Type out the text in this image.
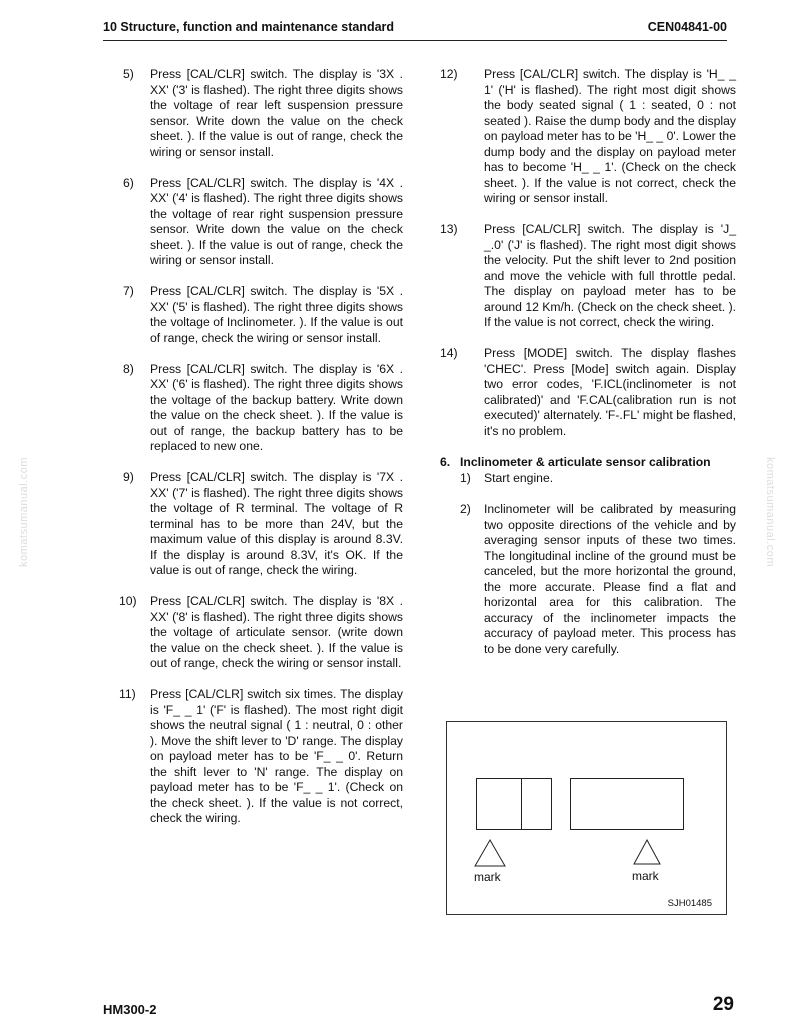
10 Structure, function and maintenance standard	CEN04841-00
5) Press [CAL/CLR] switch. The display is '3X . XX' ('3' is flashed). The right three digits shows the voltage of rear left suspension pressure sensor. Write down the value on the check sheet. ). If the value is out of range, check the wiring or sensor install.
6) Press [CAL/CLR] switch. The display is '4X . XX' ('4' is flashed). The right three digits shows the voltage of rear right suspension pressure sensor. Write down the value on the check sheet. ). If the value is out of range, check the wiring or sensor install.
7) Press [CAL/CLR] switch. The display is '5X . XX' ('5' is flashed). The right three digits shows the voltage of Inclinometer. ). If the value is out of range, check the wiring or sensor install.
8) Press [CAL/CLR] switch. The display is '6X . XX' ('6' is flashed). The right three digits shows the voltage of the backup battery. Write down the value on the check sheet. ). If the value is out of range, the backup battery has to be replaced to new one.
9) Press [CAL/CLR] switch. The display is '7X . XX' ('7' is flashed). The right three digits shows the voltage of R terminal. The voltage of R terminal has to be more than 24V, but the maximum value of this display is around 8.3V. If the display is around 8.3V, it's OK. If the value is out of range, check the wiring.
10) Press [CAL/CLR] switch. The display is '8X . XX' ('8' is flashed). The right three digits shows the voltage of articulate sensor. (write down the value on the check sheet. ). If the value is out of range, check the wiring or sensor install.
11) Press [CAL/CLR] switch six times. The display is 'F_ _ 1' ('F' is flashed). The most right digit shows the neutral signal ( 1 : neutral, 0 : other ). Move the shift lever to 'D' range. The display on payload meter has to be 'F_ _ 0'. Return the shift lever to 'N' range. The display on payload meter has to be 'F_ _ 1'. (Check on the check sheet. ). If the value is not correct, check the wiring.
12) Press [CAL/CLR] switch. The display is 'H_ _ 1' ('H' is flashed). The right most digit shows the body seated signal ( 1 : seated, 0 : not seated ). Raise the dump body and the display on payload meter has to be 'H_ _ 0'. Lower the dump body and the display on payload meter has to become 'H_ _ 1'. (Check on the check sheet. ). If the value is not correct, check the wiring or sensor install.
13) Press [CAL/CLR] switch. The display is 'J_ _.0' ('J' is flashed). The right most digit shows the velocity. Put the shift lever to 2nd position and move the vehicle with full throttle pedal. The display on payload meter has to be around 12 Km/h. (Check on the check sheet. ). If the value is not correct, check the wiring.
14) Press [MODE] switch. The display flashes 'CHEC'. Press [Mode] switch again. Display two error codes, 'F.ICL(inclinometer is not calibrated)' and 'F.CAL(calibration run is not executed)' alternately. 'F-.FL' might be flashed, it's no problem.
6. Inclinometer & articulate sensor calibration
1) Start engine.
2) Inclinometer will be calibrated by measuring two opposite directions of the vehicle and by averaging sensor inputs of these two times. The longitudinal incline of the ground must be canceled, but the more horizontal the ground, the more accurate. Please find a flat and horizontal area for this calibration. The accuracy of the inclinometer impacts the accuracy of payload meter. This process has to be done very carefully.
mark	mark
SJH01485
komatsumanual.com	komatsumanual.com
HM300-2	29
